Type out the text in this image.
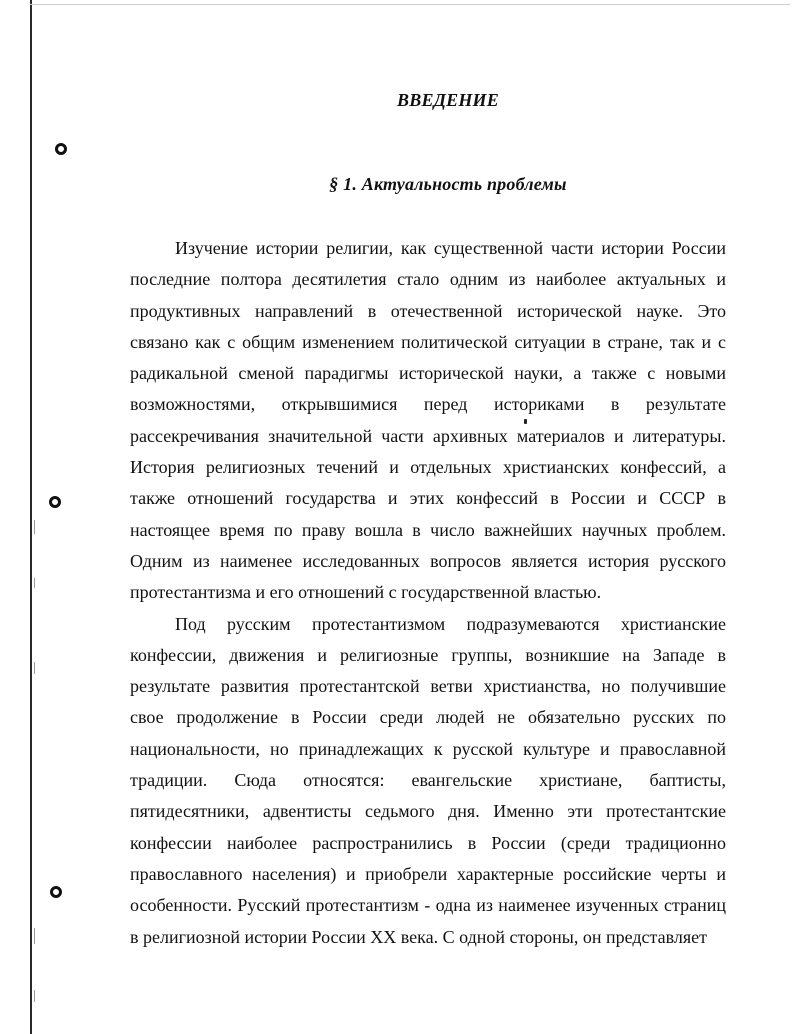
ВВЕДЕНИЕ
§ 1. Актуальность проблемы

Изучение истории религии, как существенной части истории России последние полтора десятилетия стало одним из наиболее актуальных и продуктивных направлений в отечественной исторической науке. Это связано как с общим изменением политической ситуации в стране, так и с радикальной сменой парадигмы исторической науки, а также с новыми возможностями, открывшимися перед историками в результате рассекречивания значительной части архивных материалов и литературы. История религиозных течений и отдельных христианских конфессий, а также отношений государства и этих конфессий в России и СССР в настоящее время по праву вошла в число важнейших научных проблем. Одним из наименее исследованных вопросов является история русского протестантизма и его отношений с государственной властью.

Под русским протестантизмом подразумеваются христианские конфессии, движения и религиозные группы, возникшие на Западе в результате развития протестантской ветви христианства, но получившие свое продолжение в России среди людей не обязательно русских по национальности, но принадлежащих к русской культуре и православной традиции. Сюда относятся: евангельские христиане, баптисты, пятидесятники, адвентисты седьмого дня. Именно эти протестантские конфессии наиболее распространились в России (среди традиционно православного населения) и приобрели характерные российские черты и особенности. Русский протестантизм - одна из наименее изученных страниц в религиозной истории России XX века. С одной стороны, он представляет
